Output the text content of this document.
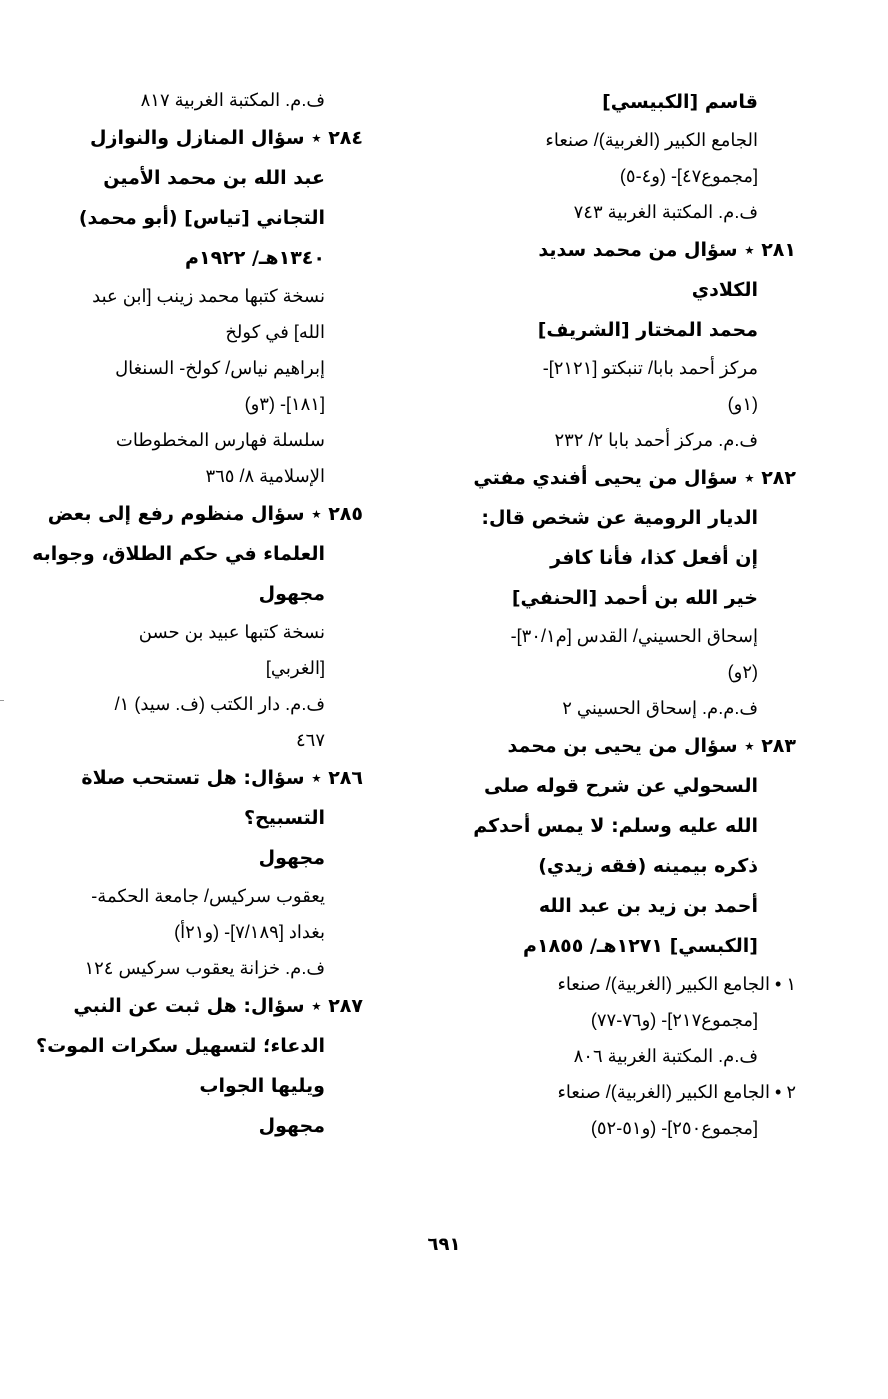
قاسم [الكبيسي]
الجامع الكبير (الغربية)/ صنعاء
[مجموع٤٧]- (و٤-٥)
ف.م. المكتبة الغربية ٧٤٣
٢٨١ ٭ سؤال من محمد سديد
الكلادي
محمد المختار [الشريف]
مركز أحمد بابا/ تنبكتو [٢١٢١]-
(١و)
ف.م. مركز أحمد بابا ٢/ ٢٣٢
٢٨٢ ٭ سؤال من يحيى أفندي مفتي
الديار الرومية عن شخص قال:
إن أفعل كذا، فأنا كافر
خير الله بن أحمد [الحنفي]
إسحاق الحسيني/ القدس [م٣٠/١]-
(٢و)
ف.م.م. إسحاق الحسيني ٢
٢٨٣ ٭ سؤال من يحيى بن محمد
السحولي عن شرح قوله صلى
الله عليه وسلم: لا يمس أحدكم
ذكره بيمينه (فقه زيدي)
أحمد بن زيد بن عبد الله
[الكبسي] ١٢٧١هـ/ ١٨٥٥م
١ • الجامع الكبير (الغربية)/ صنعاء
[مجموع٢١٧]- (و٧٦-٧٧)
ف.م. المكتبة الغربية ٨٠٦
٢ • الجامع الكبير (الغربية)/ صنعاء
[مجموع٢٥٠]- (و٥١-٥٢)
ف.م. المكتبة الغربية ٨١٧
٢٨٤ ٭ سؤال المنازل والنوازل
عبد الله بن محمد الأمين
التجاني [تياس] (أبو محمد)
١٣٤٠هـ/ ١٩٢٢م
نسخة كتبها محمد زينب [ابن عبد
الله] في كولخ
إبراهيم نياس/ كولخ- السنغال
[١٨١]- (٣و)
سلسلة فهارس المخطوطات
الإسلامية ٨/ ٣٦٥
٢٨٥ ٭ سؤال منظوم رفع إلى بعض
العلماء في حكم الطلاق، وجوابه
مجهول
نسخة كتبها عبيد بن حسن
[الغربي]
ف.م. دار الكتب (ف. سيد) ١/
٤٦٧
٢٨٦ ٭ سؤال: هل تستحب صلاة
التسبيح؟
مجهول
يعقوب سركيس/ جامعة الحكمة-
بغداد [٧/١٨٩]- (و٢١أ)
ف.م. خزانة يعقوب سركيس ١٢٤
٢٨٧ ٭ سؤال: هل ثبت عن النبي
الدعاء؛ لتسهيل سكرات الموت؟
ويليها الجواب
مجهول
٦٩١
